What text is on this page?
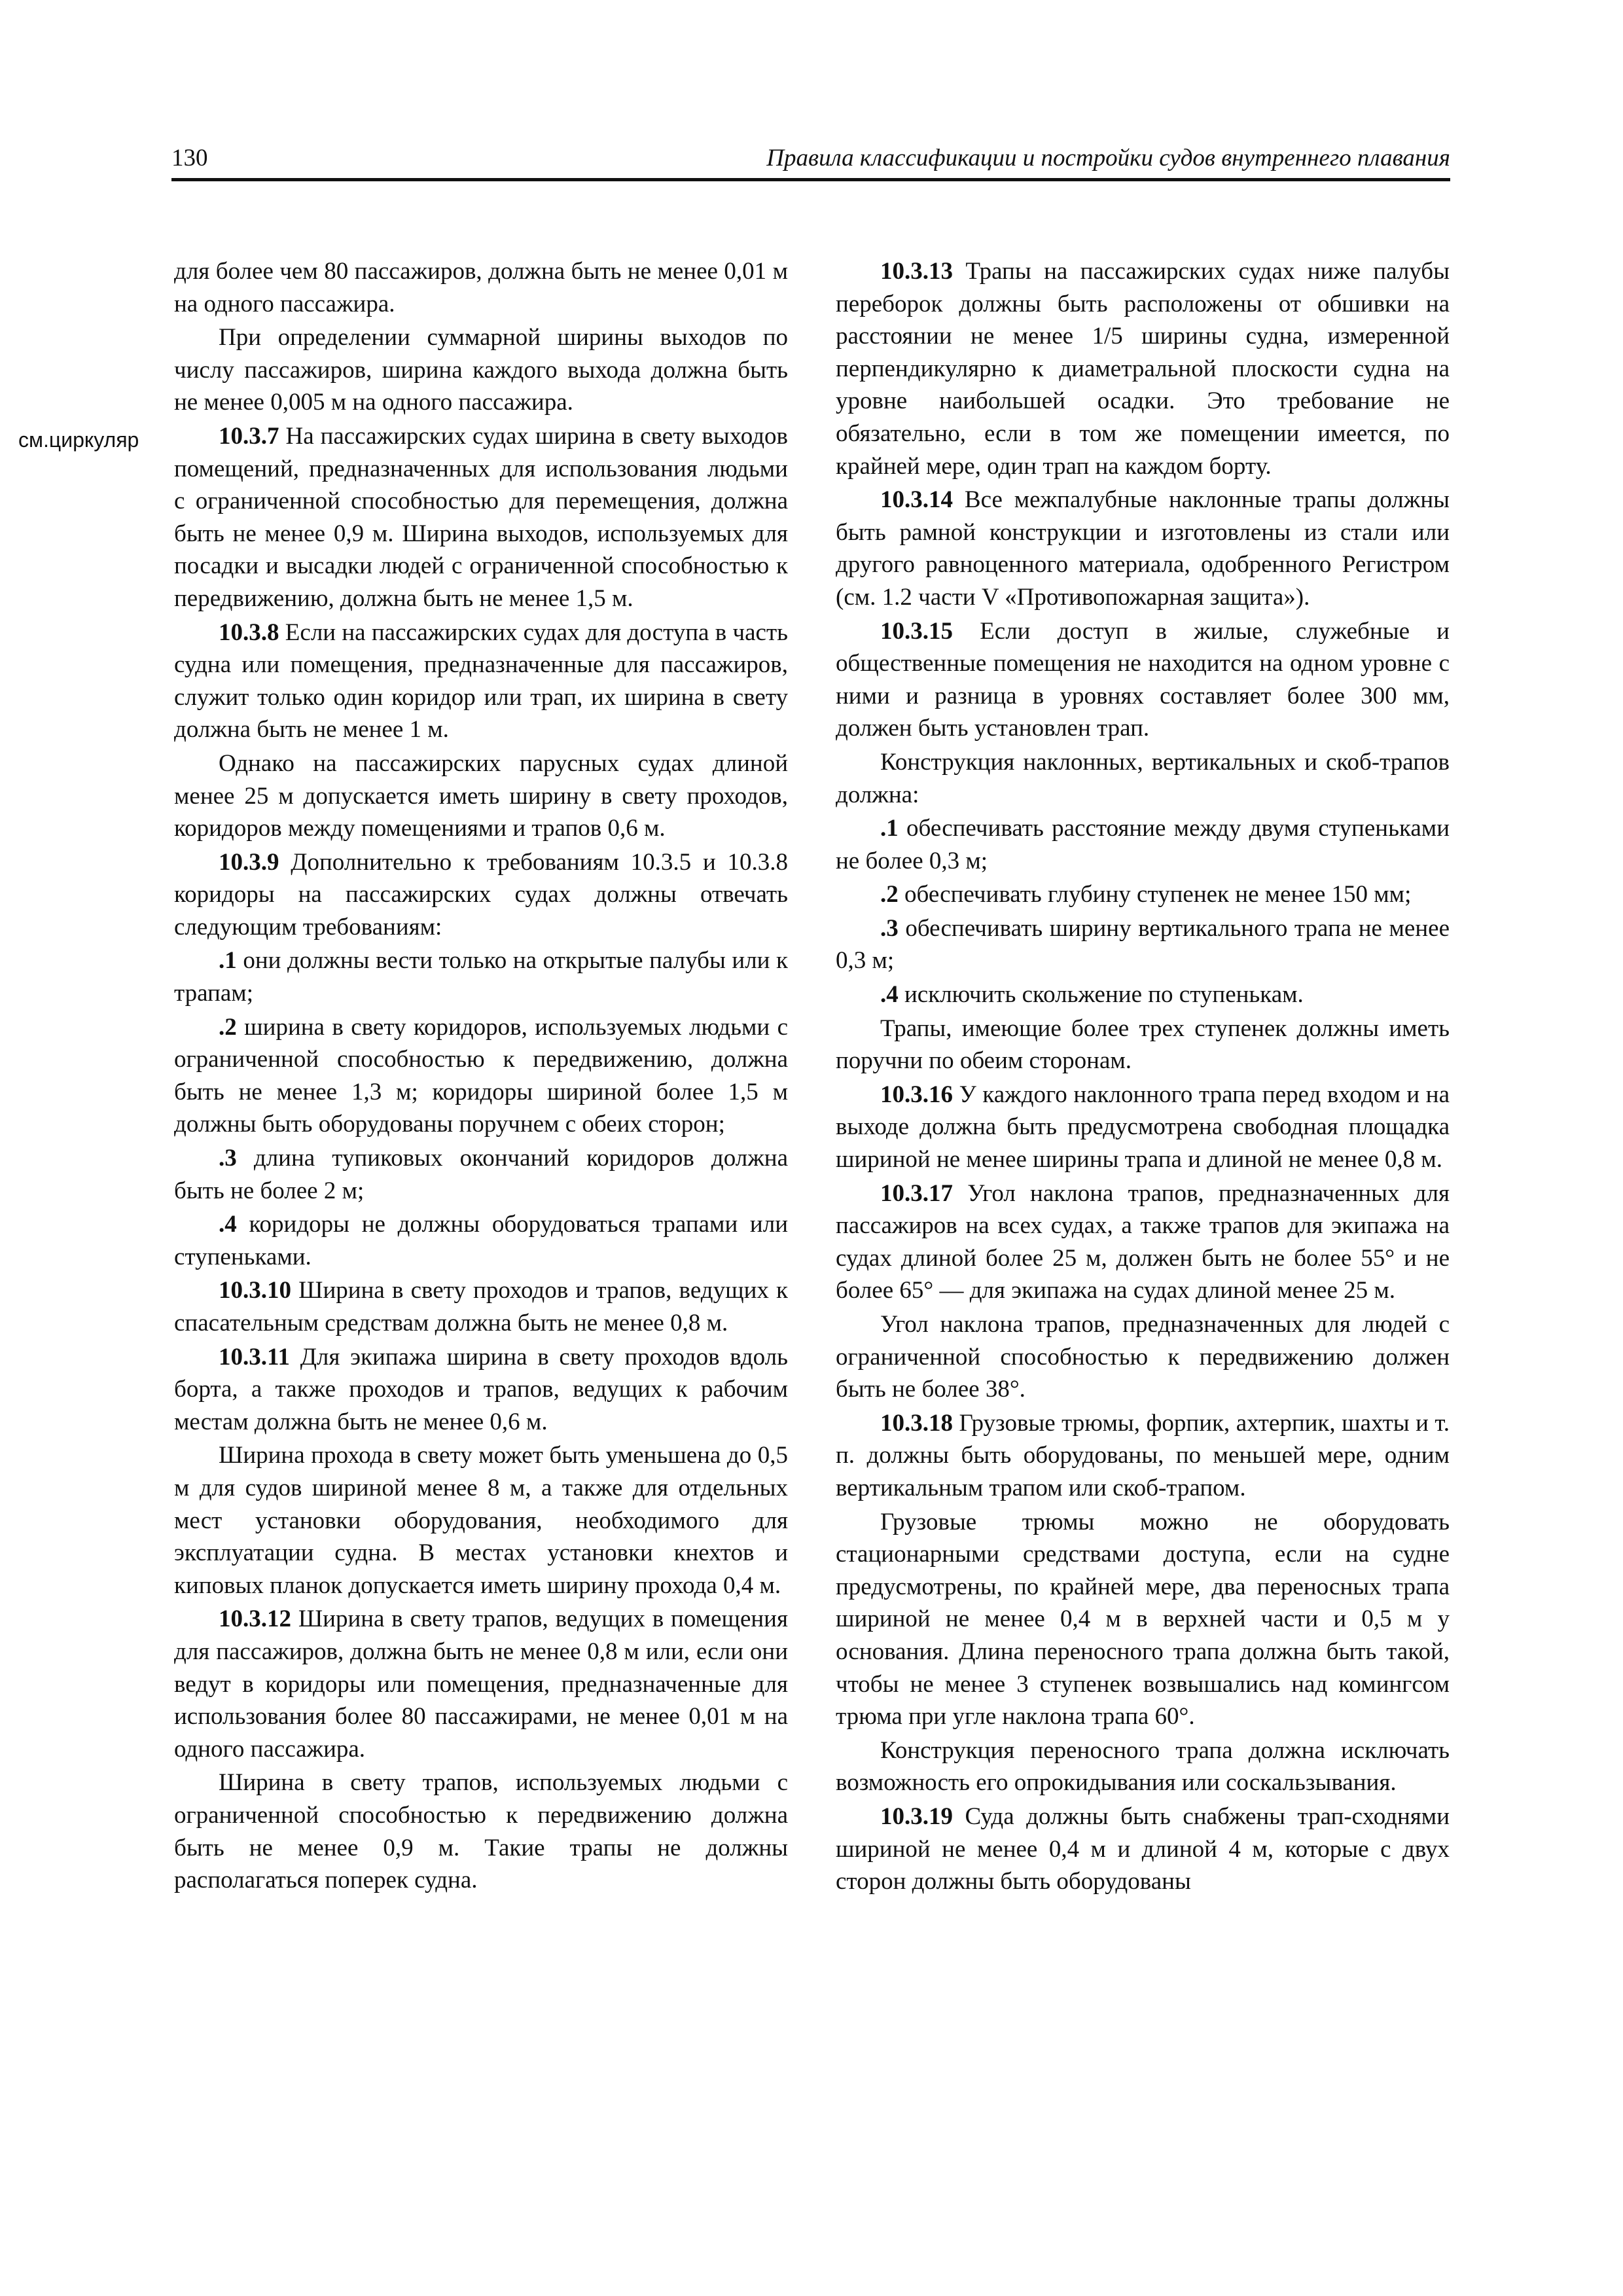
130	Правила классификации и постройки судов внутреннего плавания
см.циркуляр

для более чем 80 пассажиров, должна быть не менее 0,01 м на одного пассажира.

При определении суммарной ширины выходов по числу пассажиров, ширина каждого выхода должна быть не менее 0,005 м на одного пассажира.

10.3.7 На пассажирских судах ширина в свету выходов помещений, предназначенных для использования людьми с ограниченной способностью для перемещения, должна быть не менее 0,9 м. Ширина выходов, используемых для посадки и высадки людей с ограниченной способностью к передвижению, должна быть не менее 1,5 м.

10.3.8 Если на пассажирских судах для доступа в часть судна или помещения, предназначенные для пассажиров, служит только один коридор или трап, их ширина в свету должна быть не менее 1 м.

Однако на пассажирских парусных судах длиной менее 25 м допускается иметь ширину в свету проходов, коридоров между помещениями и трапов 0,6 м.

10.3.9 Дополнительно к требованиям 10.3.5 и 10.3.8 коридоры на пассажирских судах должны отвечать следующим требованиям:

.1 они должны вести только на открытые палубы или к трапам;

.2 ширина в свету коридоров, используемых людьми с ограниченной способностью к передвижению, должна быть не менее 1,3 м; коридоры шириной более 1,5 м должны быть оборудованы поручнем с обеих сторон;

.3 длина тупиковых окончаний коридоров должна быть не более 2 м;

.4 коридоры не должны оборудоваться трапами или ступеньками.

10.3.10 Ширина в свету проходов и трапов, ведущих к спасательным средствам должна быть не менее 0,8 м.

10.3.11 Для экипажа ширина в свету проходов вдоль борта, а также проходов и трапов, ведущих к рабочим местам должна быть не менее 0,6 м.

Ширина прохода в свету может быть уменьшена до 0,5 м для судов шириной менее 8 м, а также для отдельных мест установки оборудования, необходимого для эксплуатации судна. В местах установки кнехтов и киповых планок допускается иметь ширину прохода 0,4 м.

10.3.12 Ширина в свету трапов, ведущих в помещения для пассажиров, должна быть не менее 0,8 м или, если они ведут в коридоры или помещения, предназначенные для использования более 80 пассажирами, не менее 0,01 м на одного пассажира.

Ширина в свету трапов, используемых людьми с ограниченной способностью к передвижению должна быть не менее 0,9 м. Такие трапы не должны располагаться поперек судна.

10.3.13 Трапы на пассажирских судах ниже палубы переборок должны быть расположены от обшивки на расстоянии не менее 1/5 ширины судна, измеренной перпендикулярно к диаметральной плоскости судна на уровне наибольшей осадки. Это требование не обязательно, если в том же помещении имеется, по крайней мере, один трап на каждом борту.

10.3.14 Все межпалубные наклонные трапы должны быть рамной конструкции и изготовлены из стали или другого равноценного материала, одобренного Регистром (см. 1.2 части V «Противопожарная защита»).

10.3.15 Если доступ в жилые, служебные и общественные помещения не находится на одном уровне с ними и разница в уровнях составляет более 300 мм, должен быть установлен трап.

Конструкция наклонных, вертикальных и скоб-трапов должна:

.1 обеспечивать расстояние между двумя ступеньками не более 0,3 м;

.2 обеспечивать глубину ступенек не менее 150 мм;

.3 обеспечивать ширину вертикального трапа не менее 0,3 м;

.4 исключить скольжение по ступенькам.

Трапы, имеющие более трех ступенек должны иметь поручни по обеим сторонам.

10.3.16 У каждого наклонного трапа перед входом и на выходе должна быть предусмотрена свободная площадка шириной не менее ширины трапа и длиной не менее 0,8 м.

10.3.17 Угол наклона трапов, предназначенных для пассажиров на всех судах, а также трапов для экипажа на судах длиной более 25 м, должен быть не более 55° и не более 65° — для экипажа на судах длиной менее 25 м.

Угол наклона трапов, предназначенных для людей с ограниченной способностью к передвижению должен быть не более 38°.

10.3.18 Грузовые трюмы, форпик, ахтерпик, шахты и т. п. должны быть оборудованы, по меньшей мере, одним вертикальным трапом или скоб-трапом.

Грузовые трюмы можно не оборудовать стационарными средствами доступа, если на судне предусмотрены, по крайней мере, два переносных трапа шириной не менее 0,4 м в верхней части и 0,5 м у основания. Длина переносного трапа должна быть такой, чтобы не менее 3 ступенек возвышались над комингсом трюма при угле наклона трапа 60°.

Конструкция переносного трапа должна исключать возможность его опрокидывания или соскальзывания.

10.3.19 Суда должны быть снабжены трап-сходнями шириной не менее 0,4 м и длиной 4 м, которые с двух сторон должны быть оборудованы
